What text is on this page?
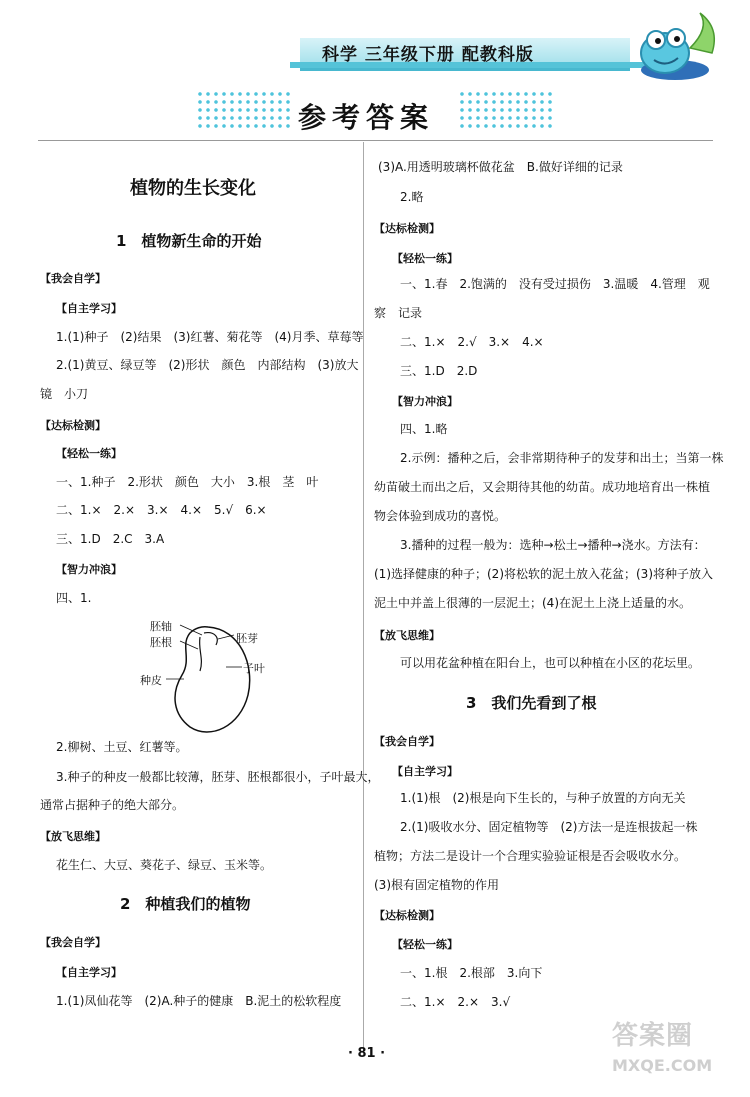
科学 三年级下册 配教科版
参考答案
植物的生长变化
1　植物新生命的开始
【我会自学】
【自主学习】
1.(1)种子　(2)结果　(3)红薯、菊花等　(4)月季、草莓等
2.(1)黄豆、绿豆等　(2)形状　颜色　内部结构　(3)放大
镜　小刀
【达标检测】
【轻松一练】
一、1.种子　2.形状　颜色　大小　3.根　茎　叶
二、1.×　2.×　3.×　4.×　5.√　6.×
三、1.D　2.C　3.A
【智力冲浪】
四、1.
胚轴
胚根
种皮
胚芽
子叶
2.柳树、土豆、红薯等。
3.种子的种皮一般都比较薄，胚芽、胚根都很小，子叶最大，
通常占据种子的绝大部分。
【放飞思维】
花生仁、大豆、葵花子、绿豆、玉米等。
2　种植我们的植物
【我会自学】
【自主学习】
1.(1)凤仙花等　(2)A.种子的健康　B.泥土的松软程度
(3)A.用透明玻璃杯做花盆　B.做好详细的记录
2.略
【达标检测】
【轻松一练】
一、1.春　2.饱满的　没有受过损伤　3.温暖　4.管理　观
察　记录
二、1.×　2.√　3.×　4.×
三、1.D　2.D
【智力冲浪】
四、1.略
2.示例：播种之后，会非常期待种子的发芽和出土；当第一株
幼苗破土而出之后，又会期待其他的幼苗。成功地培育出一株植
物会体验到成功的喜悦。
3.播种的过程一般为：选种→松土→播种→浇水。方法有：
(1)选择健康的种子；(2)将松软的泥土放入花盆；(3)将种子放入
泥土中并盖上很薄的一层泥土；(4)在泥土上浇上适量的水。
【放飞思维】
可以用花盆种植在阳台上，也可以种植在小区的花坛里。
3　我们先看到了根
【我会自学】
【自主学习】
1.(1)根　(2)根是向下生长的，与种子放置的方向无关
2.(1)吸收水分、固定植物等　(2)方法一是连根拔起一株
植物；方法二是设计一个合理实验验证根是否会吸收水分。
(3)根有固定植物的作用
【达标检测】
【轻松一练】
一、1.根　2.根部　3.向下
二、1.×　2.×　3.√
· 81 ·
答案圈
MXQE.COM
